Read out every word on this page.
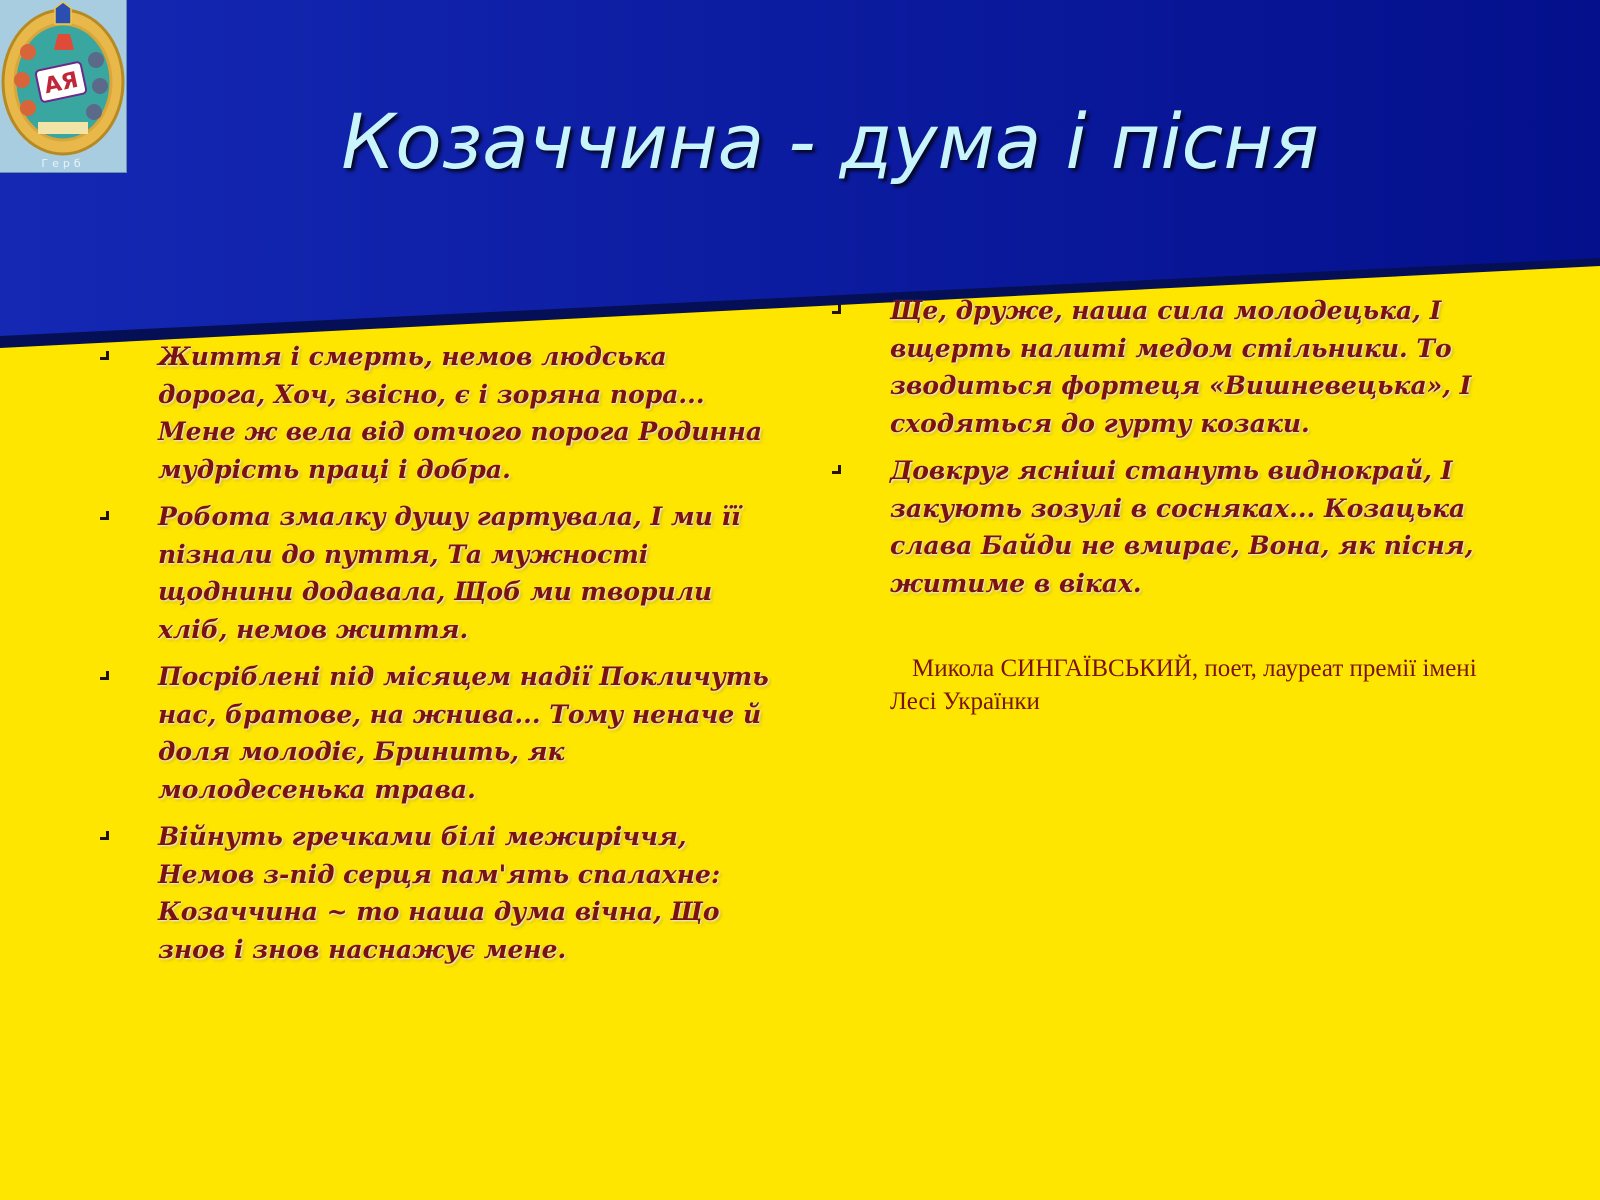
АЯ
Герб	Козаччина - дума і пісня
Життя і смерть, немов людська дорога, Хоч, звісно, є і зоряна пора... Мене ж вела від отчого порога Родинна мудрість праці і добра.
Робота змалку душу гартувала, І ми її пізнали до пуття, Та мужності щоднини додавала, Щоб ми творили хліб, немов життя.
Посріблені під місяцем надії Покличуть нас, братове, на жнива... Тому неначе й доля молодіє, Бринить, як молодесенька трава.
Війнуть гречками білі межиріччя, Немов з-під серця пам'ять спалахне: Козаччина ~ то наша дума вічна, Що знов і знов наснажує мене.
Ще, друже, наша сила молодецька, І вщерть налиті медом стільники. То зводиться фортеця «Вишневецька», І сходяться до гурту козаки.
Довкруг ясніші стануть виднокрай, І закують зозулі в сосняках... Козацька слава Байди не вмирає, Вона, як пісня, житиме в віках.

Микола СИНГАЇВСЬКИЙ, поет, лауреат премії імені Лесі Українки
